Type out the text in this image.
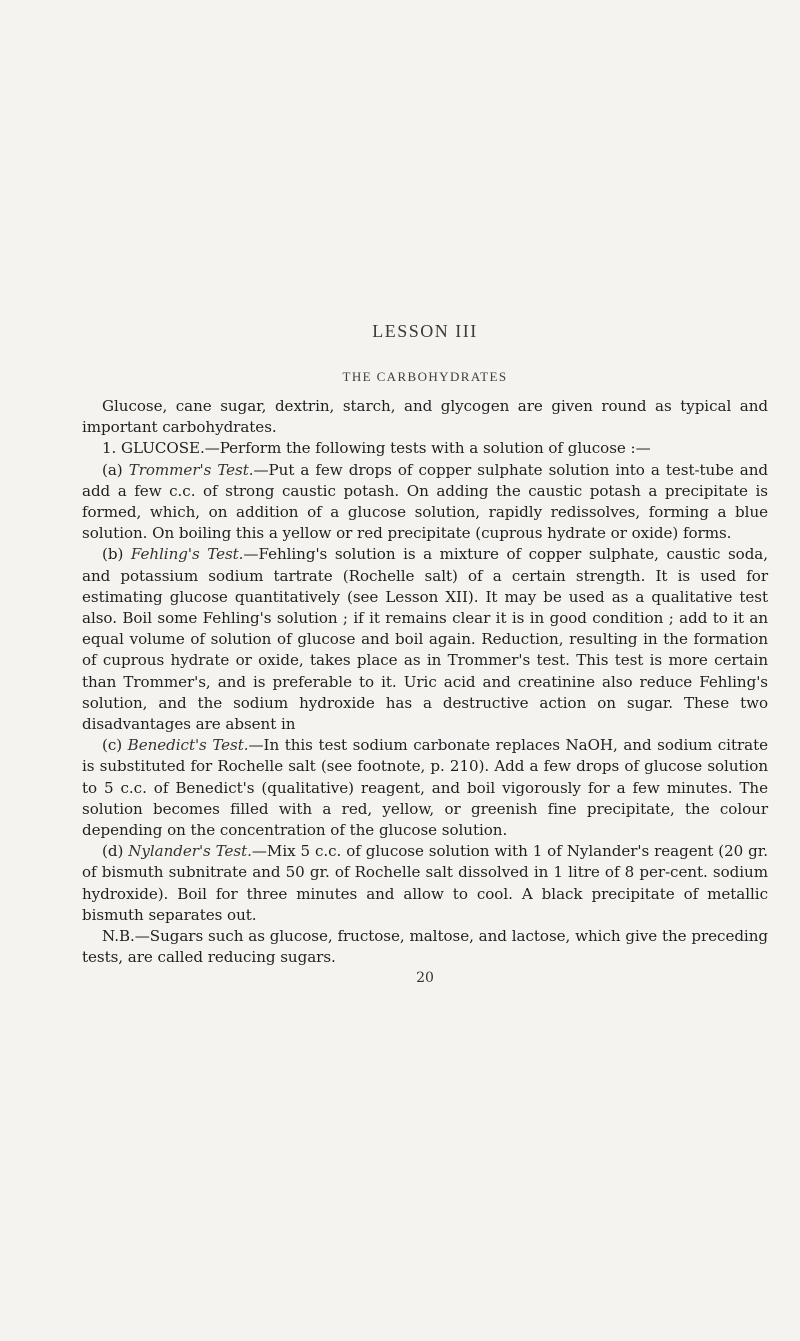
LESSON III
THE CARBOHYDRATES

Glucose, cane sugar, dextrin, starch, and glycogen are given round as typical and important carbohydrates.

1. GLUCOSE.—Perform the following tests with a solution of glucose :—

(a) Trommer's Test.—Put a few drops of copper sulphate solution into a test-tube and add a few c.c. of strong caustic potash. On adding the caustic potash a precipitate is formed, which, on addition of a glucose solution, rapidly redissolves, forming a blue solution. On boiling this a yellow or red precipitate (cuprous hydrate or oxide) forms.

(b) Fehling's Test.—Fehling's solution is a mixture of copper sulphate, caustic soda, and potassium sodium tartrate (Rochelle salt) of a certain strength. It is used for estimating glucose quantitatively (see Lesson XII). It may be used as a qualitative test also. Boil some Fehling's solution ; if it remains clear it is in good condition ; add to it an equal volume of solution of glucose and boil again. Reduction, resulting in the formation of cuprous hydrate or oxide, takes place as in Trommer's test. This test is more certain than Trommer's, and is preferable to it. Uric acid and creatinine also reduce Fehling's solution, and the sodium hydroxide has a destructive action on sugar. These two disadvantages are absent in

(c) Benedict's Test.—In this test sodium carbonate replaces NaOH, and sodium citrate is substituted for Rochelle salt (see footnote, p. 210). Add a few drops of glucose solution to 5 c.c. of Benedict's (qualitative) reagent, and boil vigorously for a few minutes. The solution becomes filled with a red, yellow, or greenish fine precipitate, the colour depending on the concentration of the glucose solution.

(d) Nylander's Test.—Mix 5 c.c. of glucose solution with 1 of Nylander's reagent (20 gr. of bismuth subnitrate and 50 gr. of Rochelle salt dissolved in 1 litre of 8 per-cent. sodium hydroxide). Boil for three minutes and allow to cool. A black precipitate of metallic bismuth separates out.

N.B.—Sugars such as glucose, fructose, maltose, and lactose, which give the preceding tests, are called reducing sugars.

20
